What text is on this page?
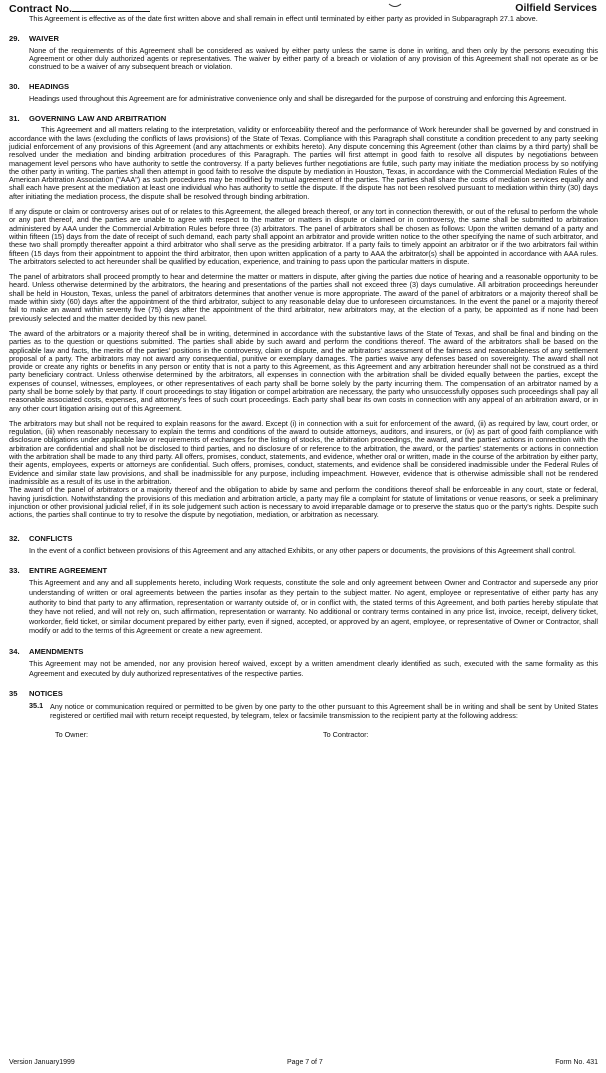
Contract No.	Oilfield Services
This Agreement is effective as of the date first written above and shall remain in effect until terminated by either party as provided in Subparagraph 27.1 above.
29. WAIVER
None of the requirements of this Agreement shall be considered as waived by either party unless the same is done in writing, and then only by the persons executing this Agreement or other duly authorized agents or representatives. The waiver by either party of a breach or violation of any provision of this Agreement shall not operate as or be construed to be a waiver of any subsequent breach or violation.
30. HEADINGS
Headings used throughout this Agreement are for administrative convenience only and shall be disregarded for the purpose of construing and enforcing this Agreement.
31. GOVERNING LAW AND ARBITRATION
This Agreement and all matters relating to the interpretation, validity or enforceability thereof and the performance of Work hereunder shall be governed by and construed in accordance with the laws (excluding the conflicts of laws provisions) of the State of Texas. Compliance with this Paragraph shall constitute a condition precedent to any party seeking judicial enforcement of any provisions of this Agreement (and any attachments or exhibits hereto). Any dispute concerning this Agreement (other than claims by a third party) shall be resolved under the mediation and binding arbitration procedures of this Paragraph. The parties will first attempt in good faith to resolve all disputes by negotiations between management level persons who have authority to settle the controversy. If a party believes further negotiations are futile, such party may initiate the mediation process by so notifying the other party in writing. The parties shall then attempt in good faith to resolve the dispute by mediation in Houston, Texas, in accordance with the Commercial Mediation Rules of the American Arbitration Association ("AAA") as such procedures may be modified by mutual agreement of the parties. The parties shall share the costs of mediation services equally and shall each have present at the mediation at least one individual who has authority to settle the dispute. If the dispute has not been resolved pursuant to mediation within thirty (30) days after initiating the mediation process, the dispute shall be resolved through binding arbitration.
If any dispute or claim or controversy arises out of or relates to this Agreement, the alleged breach thereof, or any tort in connection therewith, or out of the refusal to perform the whole or any part thereof, and the parties are unable to agree with respect to the matter or matters in dispute or claimed or in controversy, the same shall be submitted to arbitration administered by AAA under the Commercial Arbitration Rules before three (3) arbitrators. The panel of arbitrators shall be chosen as follows: Upon the written demand of a party and within fifteen (15) days from the date of receipt of such demand, each party shall appoint an arbitrator and provide written notice to the other specifying the name of such arbitrator, and these two shall promptly thereafter appoint a third arbitrator who shall serve as the presiding arbitrator. If a party fails to timely appoint an arbitrator or if the two arbitrators fail within fifteen (15 days from their appointment to appoint the third arbitrator, then upon written application of a party to AAA the arbitrator(s) shall be appointed in accordance with AAA rules. The arbitrators selected to act hereunder shall be qualified by education, experience, and training to pass upon the particular matters in dispute.
The panel of arbitrators shall proceed promptly to hear and determine the matter or matters in dispute, after giving the parties due notice of hearing and a reasonable opportunity to be heard. Unless otherwise determined by the arbitrators, the hearing and presentations of the parties shall not exceed three (3) days cumulative. All arbitration proceedings hereunder shall be held in Houston, Texas, unless the panel of arbitrators determines that another venue is more appropriate. The award of the panel of arbitrators or a majority thereof shall be made within sixty (60) days after the appointment of the third arbitrator, subject to any reasonable delay due to unforeseen circumstances. In the event the panel or a majority thereof fail to make an award within seventy five (75) days after the appointment of the third arbitrator, new arbitrators may, at the election of a party, be appointed as if none had been previously selected and the matter decided by this new panel.
The award of the arbitrators or a majority thereof shall be in writing, determined in accordance with the substantive laws of the State of Texas, and shall be final and binding on the parties as to the question or questions submitted. The parties shall abide by such award and perform the conditions thereof. The award of the arbitrators shall be based on the applicable law and facts, the merits of the parties' positions in the controversy, claim or dispute, and the arbitrators' assessment of the fairness and reasonableness of any settlement proposal of a party. The arbitrators may not award any consequential, punitive or exemplary damages. The parties waive any defenses based on sovereignty. The award shall not provide or create any rights or benefits in any person or entity that is not a party to this Agreement, as this Agreement and any arbitration hereunder shall not be construed as a third party beneficiary contract. Unless otherwise determined by the arbitrators, all expenses in connection with the arbitration shall be divided equally between the parties, except the expenses of counsel, witnesses, employees, or other representatives of each party shall be borne solely by the party incurring them. The compensation of an arbitrator named by a party shall be borne solely by that party. If court proceedings to stay litigation or compel arbitration are necessary, the party who unsuccessfully opposes such proceedings shall pay all reasonable associated costs, expenses, and attorney's fees of such court proceedings. Each party shall bear its own costs in connection with any appeal of an arbitration award, or in any other court litigation arising out of this Agreement.
The arbitrators may but shall not be required to explain reasons for the award. Except (i) in connection with a suit for enforcement of the award, (ii) as required by law, court order, or regulation, (iii) when reasonably necessary to explain the terms and conditions of the award to outside attorneys, auditors, and insurers, or (iv) as part of good faith compliance with disclosure obligations under applicable law or requirements of exchanges for the listing of stocks, the arbitration proceedings, the award, and the parties' actions in connection with the arbitration are confidential and shall not be disclosed to third parties, and no disclosure of or reference to the arbitration, the award, or the parties' statements or actions in connection with the arbitration shall be made to any third party. All offers, promises, conduct, statements, and evidence, whether oral or written, made in the course of the arbitration by either party, their agents, employees, experts or attorneys are confidential. Such offers, promises, conduct, statements, and evidence shall be considered inadmissible under the Federal Rules of Evidence and similar state law provisions, and shall be inadmissible for any purpose, including impeachment. However, evidence that is otherwise admissible shall not be rendered inadmissible as a result of its use in the arbitration.
The award of the panel of arbitrators or a majority thereof and the obligation to abide by same and perform the conditions thereof shall be enforceable in any court, state or federal, having jurisdiction. Notwithstanding the provisions of this mediation and arbitration article, a party may file a complaint for statute of limitations or venue reasons, or seek a preliminary injunction or other provisional judicial relief, if in its sole judgement such action is necessary to avoid irreparable damage or to preserve the status quo or the party's rights. Despite such actions, the parties shall continue to try to resolve the dispute by negotiation, mediation, or arbitration as necessary.
32. CONFLICTS
In the event of a conflict between provisions of this Agreement and any attached Exhibits, or any other papers or documents, the provisions of this Agreement shall control.
33. ENTIRE AGREEMENT
This Agreement and any and all supplements hereto, including Work requests, constitute the sole and only agreement between Owner and Contractor and supersede any prior understanding of written or oral agreements between the parties insofar as they pertain to the subject matter. No agent, employee or representative of either party has any authority to bind that party to any affirmation, representation or warranty outside of, or in conflict with, the stated terms of this Agreement, and both parties hereby stipulate that they have not relied, and will not rely on, such affirmation, representation or warranty. No additional or contrary terms contained in any price list, invoice, receipt, delivery ticket, workorder, field ticket, or similar document prepared by either party, even if signed, accepted, or approved by an agent, employee, or representative of Owner or Contractor, shall modify or add to the terms of this Agreement or create a new agreement.
34. AMENDMENTS
This Agreement may not be amended, nor any provision hereof waived, except by a written amendment clearly identified as such, executed with the same formality as this Agreement and executed by duly authorized representatives of the respective parties.
35 NOTICES
35.1 Any notice or communication required or permitted to be given by one party to the other pursuant to this Agreement shall be in writing and shall be sent by United States registered or certified mail with return receipt requested, by telegram, telex or facsimile transmission to the recipient party at the following address:
To Owner:	To Contractor:
Version January1999	Page 7 of 7	Form No. 431
